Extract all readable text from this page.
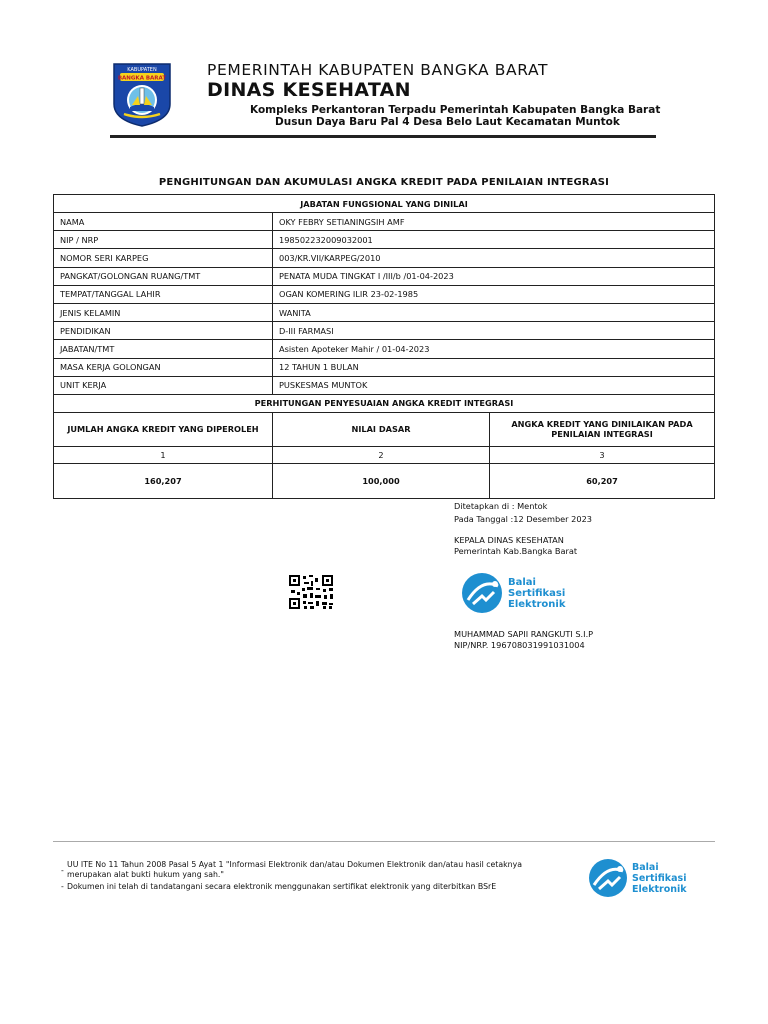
KABUPATEN
BANGKA BARAT	PEMERINTAH KABUPATEN BANGKA BARAT
DINAS KESEHATAN
Kompleks Perkantoran Terpadu Pemerintah Kabupaten Bangka Barat
Dusun Daya Baru Pal 4 Desa Belo Laut Kecamatan Muntok
PENGHITUNGAN DAN AKUMULASI ANGKA KREDIT PADA PENILAIAN INTEGRASI
JABATAN FUNGSIONAL YANG DINILAI		
NAMA	OKY FEBRY SETIANINGSIH AMF	
NIP / NRP	198502232009032001	
NOMOR SERI KARPEG	003/KR.VII/KARPEG/2010	
PANGKAT/GOLONGAN RUANG/TMT	PENATA MUDA TINGKAT I /III/b /01-04-2023	
TEMPAT/TANGGAL LAHIR	OGAN KOMERING ILIR 23-02-1985	
JENIS KELAMIN	WANITA	
PENDIDIKAN	D-III FARMASI	
JABATAN/TMT	Asisten Apoteker Mahir / 01-04-2023	
MASA KERJA GOLONGAN	12 TAHUN 1 BULAN	
UNIT KERJA	PUSKESMAS MUNTOK	
PERHITUNGAN PENYESUAIAN ANGKA KREDIT INTEGRASI		
JUMLAH ANGKA KREDIT YANG DIPEROLEH	NILAI DASAR	ANGKA KREDIT YANG DINILAIKAN PADA PENILAIAN INTEGRASI
1	2	3
160,207	100,000	60,207
Ditetapkan di : Mentok
Pada Tanggal :12 Desember 2023
KEPALA DINAS KESEHATAN
Pemerintah Kab.Bangka Barat
Balai
Sertifikasi
Elektronik
MUHAMMAD SAPII RANGKUTI S.I.P
NIP/NRP. 196708031991031004
-
UU ITE No 11 Tahun 2008 Pasal 5 Ayat 1 "Informasi Elektronik dan/atau Dokumen Elektronik dan/atau hasil cetaknya
merupakan alat bukti hukum yang sah."
- Dokumen ini telah di tandatangani secara elektronik menggunakan sertifikat elektronik yang diterbitkan BSrE
Balai
Sertifikasi
Elektronik
